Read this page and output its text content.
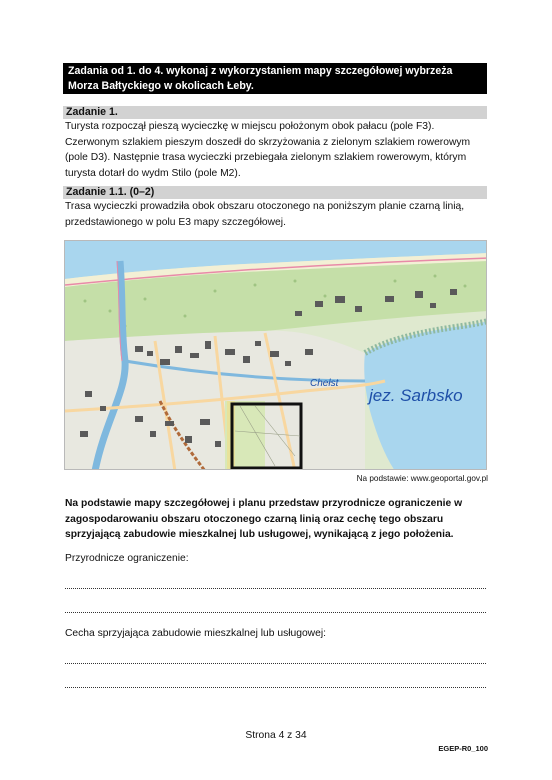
Zadania od 1. do 4. wykonaj z wykorzystaniem mapy szczegółowej wybrzeża Morza Bałtyckiego w okolicach Łeby.
Zadanie 1.

Turysta rozpoczął pieszą wycieczkę w miejscu położonym obok pałacu (pole F3). Czerwonym szlakiem pieszym doszedł do skrzyżowania z zielonym szlakiem rowerowym (pole D3). Następnie trasa wycieczki przebiegała zielonym szlakiem rowerowym, którym turysta dotarł do wydm Stilo (pole M2).

Zadanie 1.1. (0–2)

Trasa wycieczki prowadziła obok obszaru otoczonego na poniższym planie czarną linią, przedstawionego w polu E3 mapy szczegółowej.

Chełst
jez. Sarbsko
Na podstawie: www.geoportal.gov.pl

Na podstawie mapy szczegółowej i planu przedstaw przyrodnicze ograniczenie w zagospodarowaniu obszaru otoczonego czarną linią oraz cechę tego obszaru sprzyjającą zabudowie mieszkalnej lub usługowej, wynikającą z jego położenia.

Przyrodnicze ograniczenie:
Cecha sprzyjająca zabudowie mieszkalnej lub usługowej:
Strona 4 z 34
EGEP-R0_100
